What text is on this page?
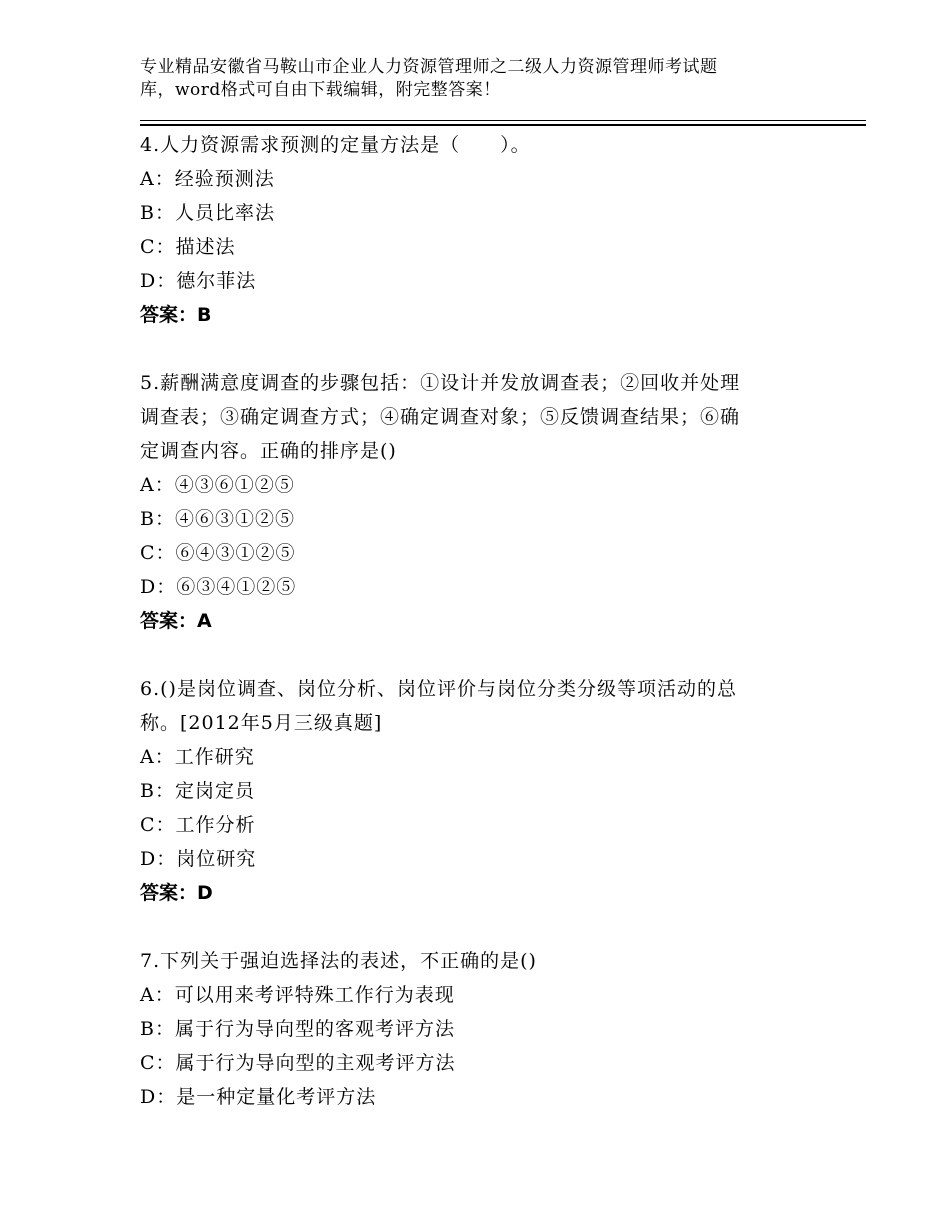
专业精品安徽省马鞍山市企业人力资源管理师之二级人力资源管理师考试题
库，word格式可自由下载编辑，附完整答案！
4.人力资源需求预测的定量方法是（　　）。
A：经验预测法
B：人员比率法
C：描述法
D：德尔菲法
答案：B
5.薪酬满意度调查的步骤包括：①设计并发放调查表；②回收并处理
调查表；③确定调查方式；④确定调查对象；⑤反馈调查结果；⑥确
定调查内容。正确的排序是()
A：④③⑥①②⑤
B：④⑥③①②⑤
C：⑥④③①②⑤
D：⑥③④①②⑤
答案：A
6.()是岗位调查、岗位分析、岗位评价与岗位分类分级等项活动的总
称。[2012年5月三级真题]
A：工作研究
B：定岗定员
C：工作分析
D：岗位研究
答案：D
7.下列关于强迫选择法的表述，不正确的是()
A：可以用来考评特殊工作行为表现
B：属于行为导向型的客观考评方法
C：属于行为导向型的主观考评方法
D：是一种定量化考评方法
